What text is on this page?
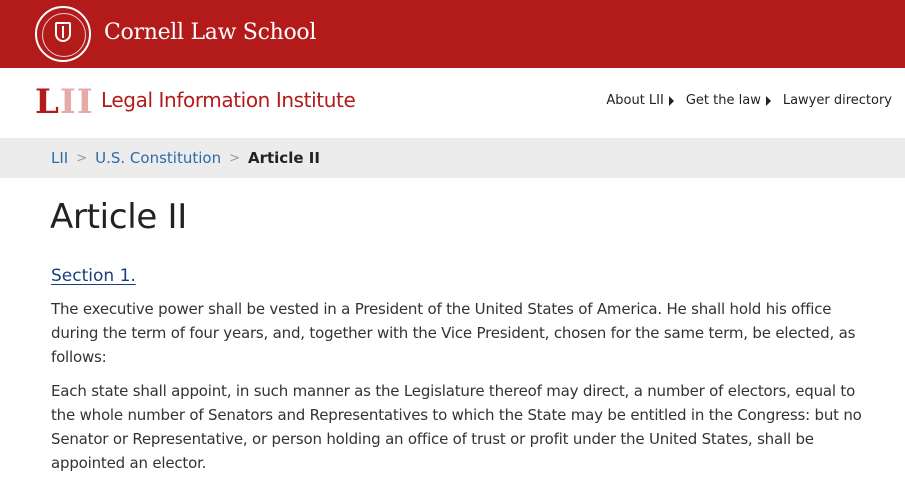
Cornell Law School
LII Legal Information Institute	About LII Get the law Lawyer directory
LII > U.S. Constitution > Article II
Article II
Section 1.

The executive power shall be vested in a President of the United States of America. He shall hold his office during the term of four years, and, together with the Vice President, chosen for the same term, be elected, as follows:

Each state shall appoint, in such manner as the Legislature thereof may direct, a number of electors, equal to the whole number of Senators and Representatives to which the State may be entitled in the Congress: but no Senator or Representative, or person holding an office of trust or profit under the United States, shall be appointed an elector.
